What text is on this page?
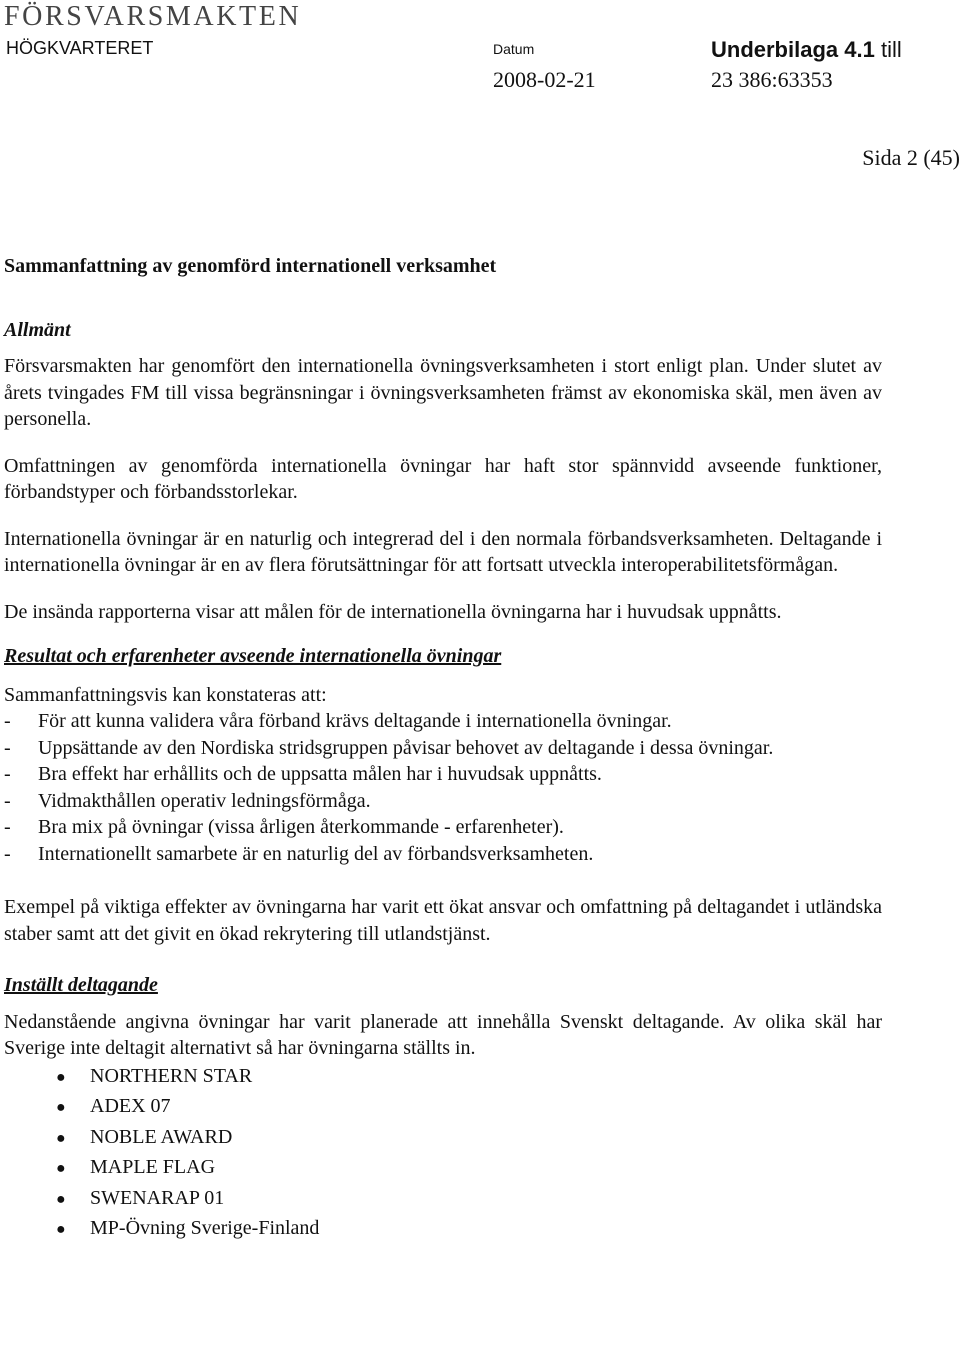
FÖRSVARSMAKTEN
HÖGKVARTERET	Datum	Underbilaga 4.1 till
2008-02-21	23 386:63353
Sida 2 (45)

Sammanfattning av genomförd internationell verksamhet

Allmänt

Försvarsmakten har genomfört den internationella övningsverksamheten i stort enligt plan. Under slutet av årets tvingades FM till vissa begränsningar i övningsverksamheten främst av ekonomiska skäl, men även av personella.

Omfattningen av genomförda internationella övningar har haft stor spännvidd avseende funktioner, förbandstyper och förbandsstorlekar.

Internationella övningar är en naturlig och integrerad del i den normala förbandsverksamheten. Deltagande i internationella övningar är en av flera förutsättningar för att fortsatt utveckla interoperabilitetsförmågan.

De insända rapporterna visar att målen för de internationella övningarna har i huvudsak uppnåtts.

Resultat och erfarenheter avseende internationella övningar

Sammanfattningsvis kan konstateras att:

-	För att kunna validera våra förband krävs deltagande i internationella övningar.
-	Uppsättande av den Nordiska stridsgruppen påvisar behovet av deltagande i dessa övningar.
-	Bra effekt har erhållits och de uppsatta målen har i huvudsak uppnåtts.
-	Vidmakthållen operativ ledningsförmåga.
-	Bra mix på övningar (vissa årligen återkommande - erfarenheter).
-	Internationellt samarbete är en naturlig del av förbandsverksamheten.

Exempel på viktiga effekter av övningarna har varit ett ökat ansvar och omfattning på deltagandet i utländska staber samt att det givit en ökad rekrytering till utlandstjänst.

Inställt deltagande

Nedanstående angivna övningar har varit planerade att innehålla Svenskt deltagande. Av olika skäl har Sverige inte deltagit alternativt så har övningarna ställts in.

●	NORTHERN STAR
●	ADEX 07
●	NOBLE AWARD
●	MAPLE FLAG
●	SWENARAP 01
●	MP-Övning Sverige-Finland
